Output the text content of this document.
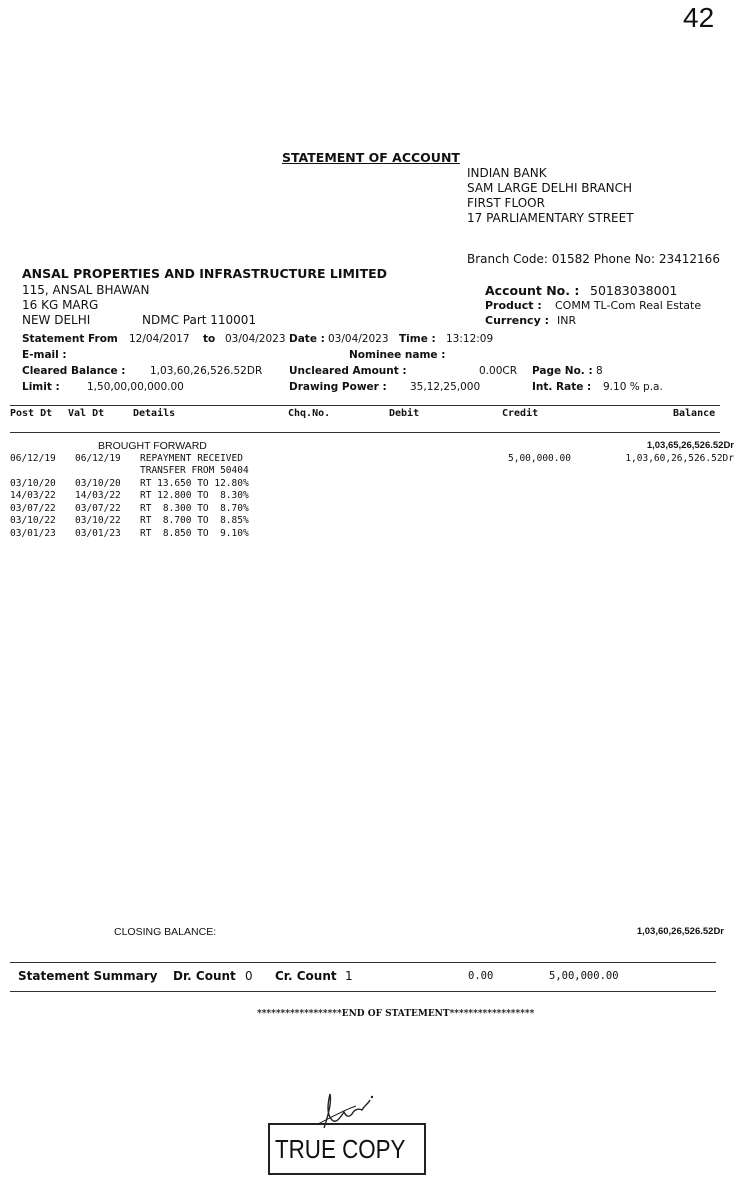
42
STATEMENT OF ACCOUNT
INDIAN BANK
SAM LARGE DELHI BRANCH
FIRST FLOOR
17 PARLIAMENTARY STREET
Branch Code: 01582 Phone No: 23412166
ANSAL PROPERTIES AND INFRASTRUCTURE LIMITED
115, ANSAL BHAWAN
16 KG MARG
NEW DELHI	NDMC Part 110001
Account No. : 50183038001
Product : COMM TL-Com Real Estate
Currency : INR
Statement From 12/04/2017 to 03/04/2023 Date : 03/04/2023 Time : 13:12:09
E-mail :	Nominee name :
Cleared Balance : 1,03,60,26,526.52DR	Uncleared Amount :	0.00CR Page No. : 8
Limit :	1,50,00,00,000.00	Drawing Power : 35,12,25,000	Int. Rate : 9.10 % p.a.
Post Dt Val Dt	Details	Chq.No.	Debit	Credit	Balance
BROUGHT FORWARD	1,03,65,26,526.52Dr
06/12/19 06/12/19 REPAYMENT RECEIVED	5,00,000.00	1,03,60,26,526.52Dr
TRANSFER FROM 50404
03/10/20 03/10/20 RT 13.650 TO 12.80%
14/03/22 14/03/22 RT 12.800 TO  8.30%
03/07/22 03/07/22 RT  8.300 TO  8.70%
03/10/22 03/10/22 RT  8.700 TO  8.85%
03/01/23 03/01/23 RT  8.850 TO  9.10%
CLOSING BALANCE:	1,03,60,26,526.52Dr
Statement Summary Dr. Count 0 Cr. Count 1	0.00	5,00,000.00
******************END OF STATEMENT******************
TRUE COPY
